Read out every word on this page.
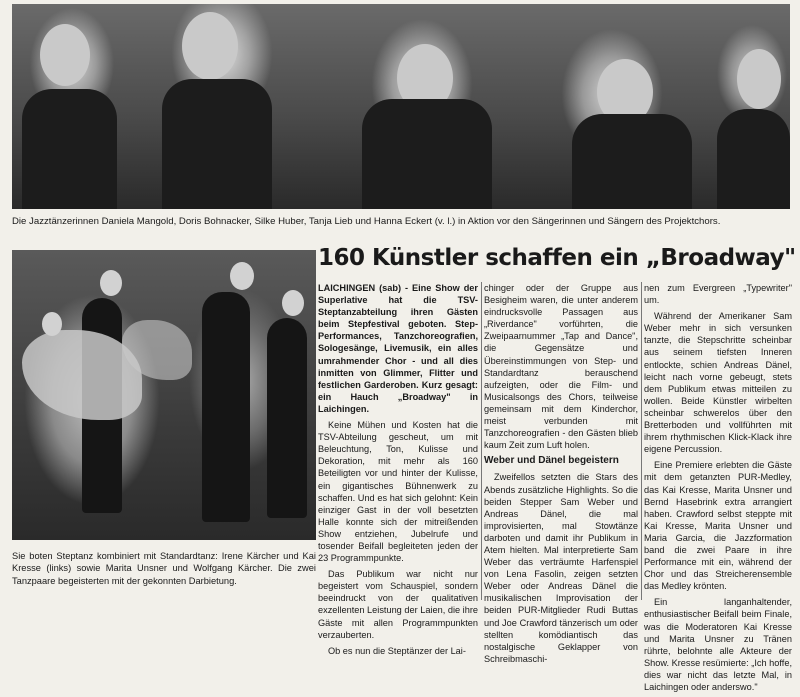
Die Jazztänzerinnen Daniela Mangold, Doris Bohnacker, Silke Huber, Tanja Lieb und Hanna Eckert (v. l.) in Aktion vor den Sängerinnen und Sängern des Projektchors.
Sie boten Steptanz kombiniert mit Standardtanz: Irene Kärcher und Kai Kresse (links) sowie Marita Unsner und Wolfgang Kärcher. Die zwei Tanzpaare begeisterten mit der gekonnten Darbietung.
160 Künstler schaffen ein „Broadway"

LAICHINGEN (sab) - Eine Show der Superlative hat die TSV-Steptanzabteilung ihren Gästen beim Stepfestival geboten. Step-Performances, Tanzchoreografien, Sologesänge, Livemusik, ein alles umrahmender Chor - und all dies inmitten von Glimmer, Flitter und festlichen Garderoben. Kurz gesagt: ein Hauch „Broadway" in Laichingen.

Keine Mühen und Kosten hat die TSV-Abteilung gescheut, um mit Beleuchtung, Ton, Kulisse und Dekoration, mit mehr als 160 Beteiligten vor und hinter der Kulisse, ein gigantisches Bühnenwerk zu schaffen. Und es hat sich gelohnt: Kein einziger Gast in der voll besetzten Halle konnte sich der mitreißenden Show entziehen, Jubelrufe und tosender Beifall begleiteten jeden der 23 Programmpunkte.

Das Publikum war nicht nur begeistert vom Schauspiel, sondern beeindruckt von der qualitativen exzellenten Leistung der Laien, die ihre Gäste mit allen Programmpunkten verzauberten.

Ob es nun die Steptänzer der Lai-

chinger oder der Gruppe aus Besigheim waren, die unter anderem eindrucksvolle Passagen aus „Riverdance" vorführten, die Zweipaarnummer „Tap and Dance", die Gegensätze und Übereinstimmungen von Step- und Standardtanz berauschend aufzeigten, oder die Film- und Musicalsongs des Chors, teilweise gemeinsam mit dem Kinderchor, meist verbunden mit Tanzchoreografien - den Gästen blieb kaum Zeit zum Luft holen.

Weber und Dänel begeistern

Zweifellos setzten die Stars des Abends zusätzliche Highlights. So die beiden Stepper Sam Weber und Andreas Dänel, die mal improvisierten, mal Stowtänze darboten und damit ihr Publikum in Atem hielten. Mal interpretierte Sam Weber das verträumte Harfenspiel von Lena Fasolin, zeigen setzten Weber oder Andreas Dänel die musikalischen Improvisation der beiden PUR-Mitglieder Rudi Buttas und Joe Crawford tänzerisch um oder stellten komödiantisch das nostalgische Geklapper von Schreibmaschi-

nen zum Evergreen „Typewriter" um.

Während der Amerikaner Sam Weber mehr in sich versunken tanzte, die Stepschritte scheinbar aus seinem tiefsten Inneren entlockte, schien Andreas Dänel, leicht nach vorne gebeugt, stets dem Publikum etwas mitteilen zu wollen. Beide Künstler wirbelten scheinbar schwerelos über den Bretterboden und vollführten mit ihrem rhythmischen Klick-Klack ihre eigene Percussion.

Eine Premiere erlebten die Gäste mit dem getanzten PUR-Medley, das Kai Kresse, Marita Unsner und Bernd Hasebrink extra arrangiert haben. Crawford selbst steppte mit Kai Kresse, Marita Unsner und Maria Garcia, die Jazzformation band die zwei Paare in ihre Performance mit ein, während der Chor und das Streicherensemble das Medley krönten.

Ein langanhaltender, enthusiastischer Beifall beim Finale, was die Moderatoren Kai Kresse und Marita Unsner zu Tränen rührte, belohnte alle Akteure der Show. Kresse resümierte: „Ich hoffe, dies war nicht das letzte Mal, in Laichingen oder anderswo."
